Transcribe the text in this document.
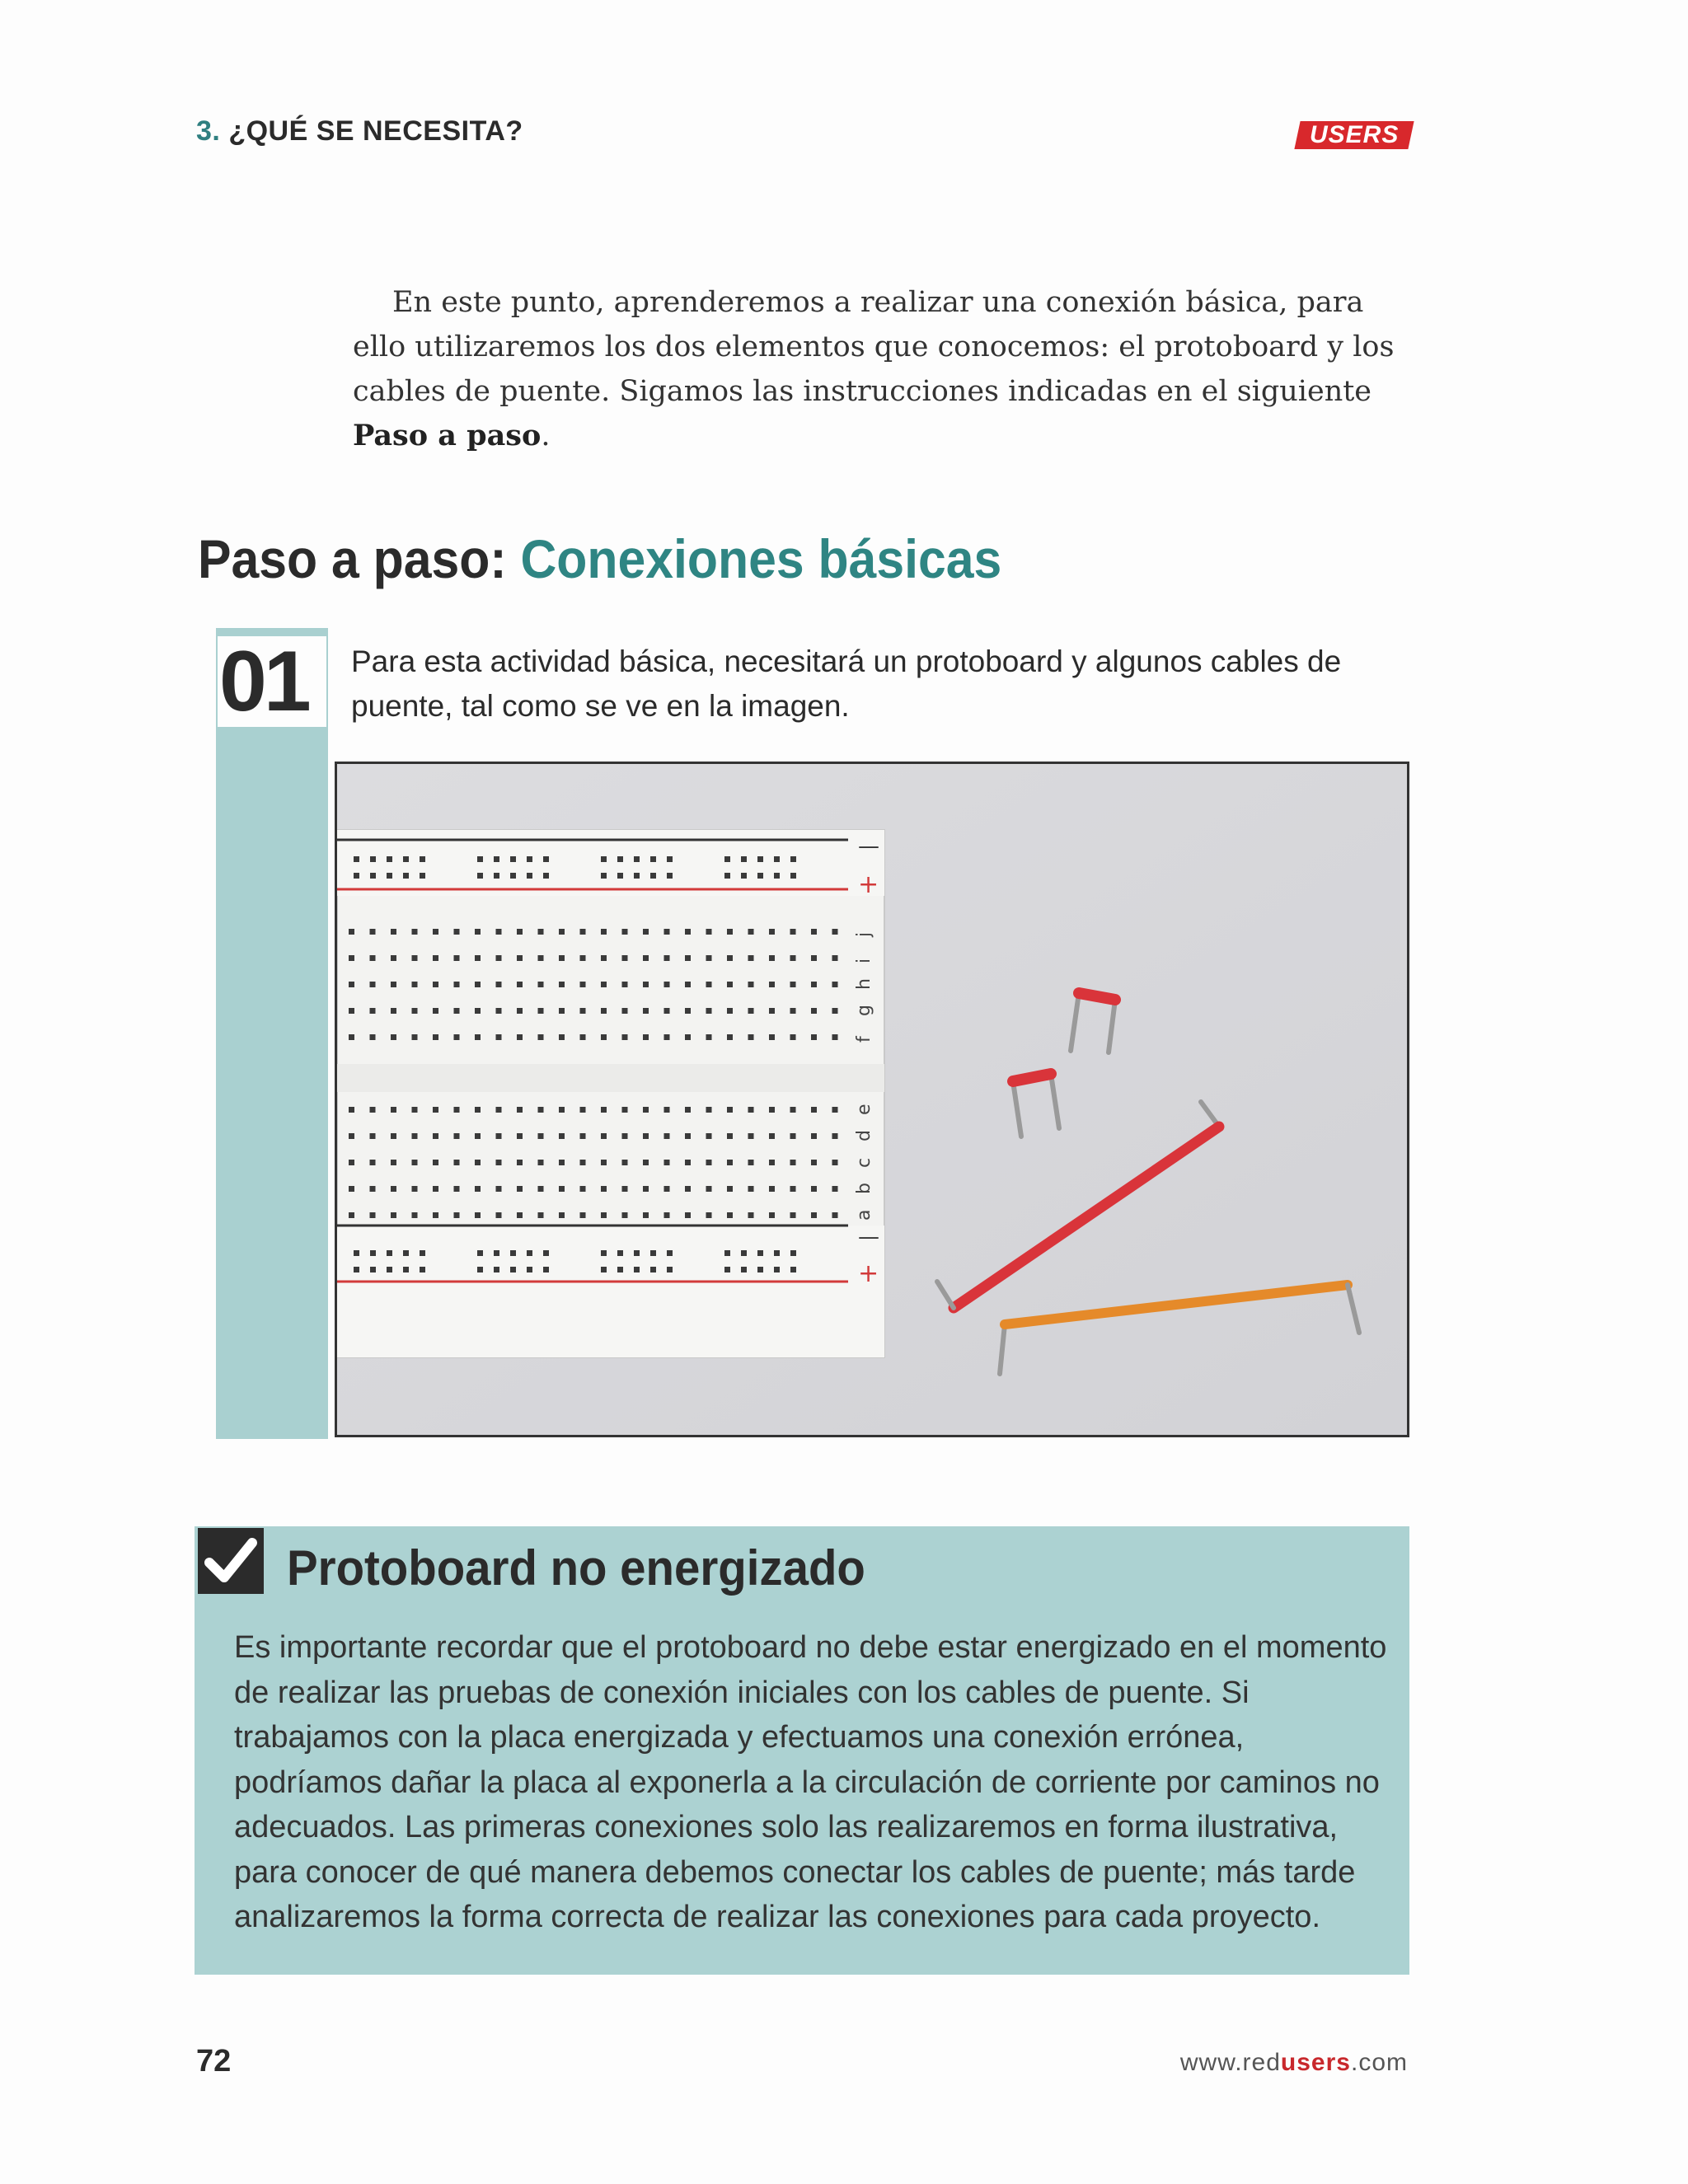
3. ¿QUÉ SE NECESITA?	USERS

En este punto, aprenderemos a realizar una conexión básica, para ello utilizaremos los dos elementos que conocemos: el protoboard y los cables de puente. Sigamos las instrucciones indicadas en el siguiente Paso a paso.

Paso a paso: Conexiones básicas
01	Para esta actividad básica, necesitará un protoboard y algunos cables de puente, tal como se ve en la imagen.
—
+
—
+
f
g
h
i
j
a
b
c
d
e
Protoboard no energizado
Es importante recordar que el protoboard no debe estar energizado en el momento de realizar las pruebas de conexión iniciales con los cables de puente. Si trabajamos con la placa energizada y efectuamos una conexión errónea, podríamos dañar la placa al exponerla a la circulación de corriente por caminos no adecuados. Las primeras conexiones solo las realizaremos en forma ilustrativa, para conocer de qué manera debemos conectar los cables de puente; más tarde analizaremos la forma correcta de realizar las conexiones para cada proyecto.
72	www.redusers.com
